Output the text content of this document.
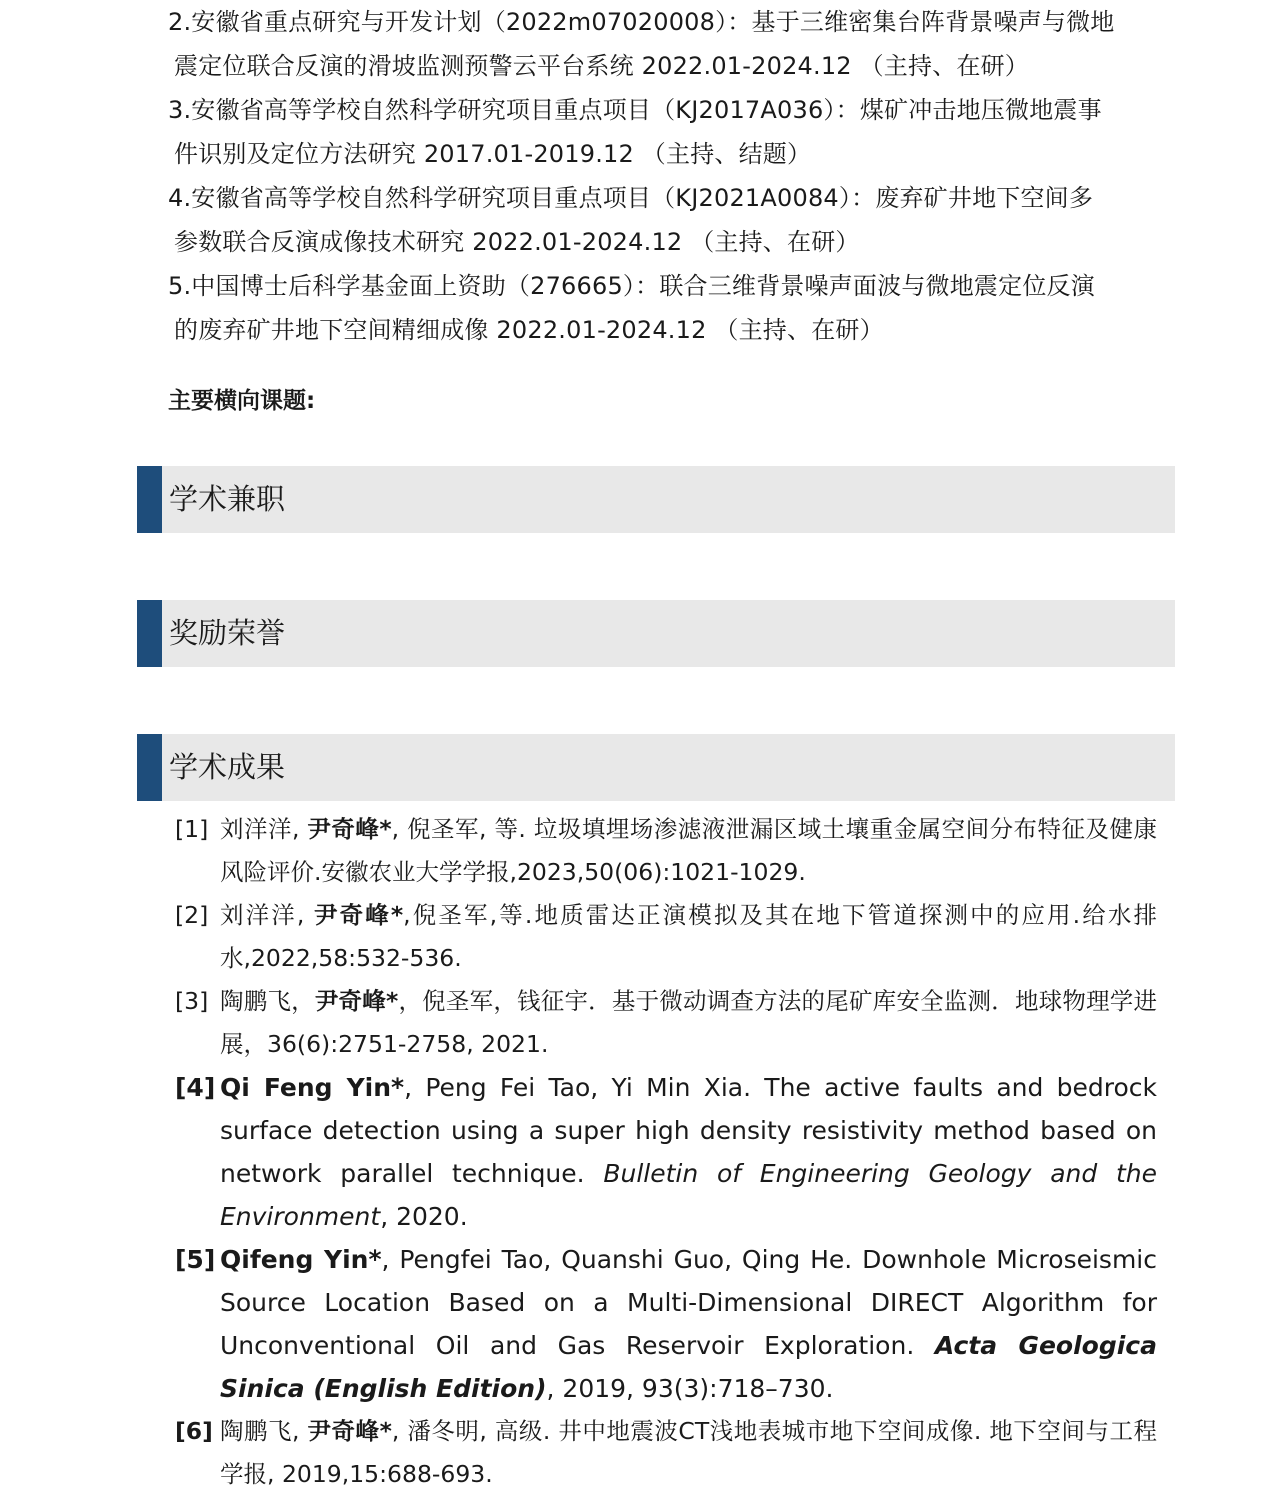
2.安徽省重点研究与开发计划（2022m07020008）：基于三维密集台阵背景噪声与微地
震定位联合反演的滑坡监测预警云平台系统 2022.01-2024.12 （主持、在研）
3.安徽省高等学校自然科学研究项目重点项目（KJ2017A036）：煤矿冲击地压微地震事
件识别及定位方法研究 2017.01-2019.12 （主持、结题）
4.安徽省高等学校自然科学研究项目重点项目（KJ2021A0084）：废弃矿井地下空间多
参数联合反演成像技术研究 2022.01-2024.12 （主持、在研）
5.中国博士后科学基金面上资助（276665）：联合三维背景噪声面波与微地震定位反演
的废弃矿井地下空间精细成像 2022.01-2024.12 （主持、在研）
主要横向课题:
学术兼职
奖励荣誉
学术成果
[1] 刘洋洋, 尹奇峰*, 倪圣军, 等. 垃圾填埋场渗滤液泄漏区域土壤重金属空间分布特征及健康风险评价.安徽农业大学学报,2023,50(06):1021-1029.
[2] 刘洋洋, 尹奇峰*,倪圣军,等.地质雷达正演模拟及其在地下管道探测中的应用.给水排水,2022,58:532-536.
[3] 陶鹏飞，尹奇峰*，倪圣军，钱征宇．基于微动调查方法的尾矿库安全监测．地球物理学进展，36(6):2751-2758, 2021.
[4] Qi Feng Yin*, Peng Fei Tao, Yi Min Xia. The active faults and bedrock surface detection using a super high density resistivity method based on network parallel technique. Bulletin of Engineering Geology and the Environment, 2020.
[5] Qifeng Yin*, Pengfei Tao, Quanshi Guo, Qing He. Downhole Microseismic Source Location Based on a Multi-Dimensional DIRECT Algorithm for Unconventional Oil and Gas Reservoir Exploration. Acta Geologica Sinica (English Edition), 2019, 93(3):718–730.
[6] 陶鹏飞, 尹奇峰*, 潘冬明, 高级. 井中地震波CT浅地表城市地下空间成像. 地下空间与工程学报, 2019,15:688-693.
